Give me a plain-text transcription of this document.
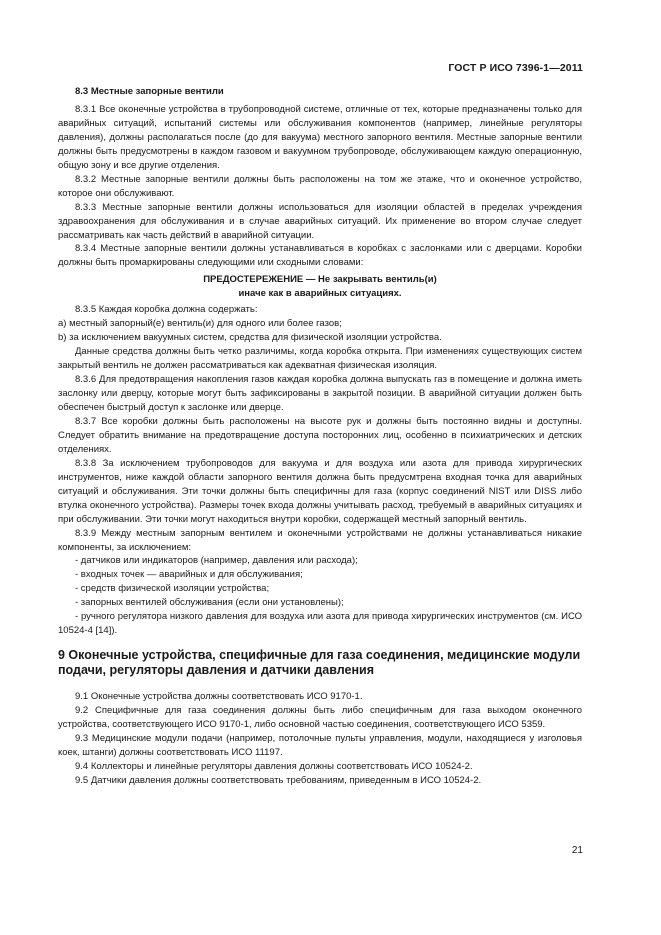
ГОСТ Р ИСО 7396-1—2011
8.3 Местные запорные вентили

8.3.1 Все оконечные устройства в трубопроводной системе, отличные от тех, которые предназначены только для аварийных ситуаций, испытаний системы или обслуживания компонентов (например, линейные регуляторы давления), должны располагаться после (до для вакуума) местного запорного вентиля. Местные запорные вентили должны быть предусмотрены в каждом газовом и вакуумном трубопроводе, обслуживающем каждую операционную, общую зону и все другие отделения.

8.3.2 Местные запорные вентили должны быть расположены на том же этаже, что и оконечное устройство, которое они обслуживают.

8.3.3 Местные запорные вентили должны использоваться для изоляции областей в пределах учреждения здравоохранения для обслуживания и в случае аварийных ситуаций. Их применение во втором случае следует рассматривать как часть действий в аварийной ситуации.

8.3.4 Местные запорные вентили должны устанавливаться в коробках с заслонками или с дверцами. Коробки должны быть промаркированы следующими или сходными словами:

ПРЕДОСТЕРЕЖЕНИЕ — Не закрывать вентиль(и)
иначе как в аварийных ситуациях.

8.3.5 Каждая коробка должна содержать:

а) местный запорный(е) вентиль(и) для одного или более газов;

b) за исключением вакуумных систем, средства для физической изоляции устройства.

Данные средства должны быть четко различимы, когда коробка открыта. При изменениях существующих систем закрытый вентиль не должен рассматриваться как адекватная физическая изоляция.

8.3.6 Для предотвращения накопления газов каждая коробка должна выпускать газ в помещение и должна иметь заслонку или дверцу, которые могут быть зафиксированы в закрытой позиции. В аварийной ситуации должен быть обеспечен быстрый доступ к заслонке или дверце.

8.3.7 Все коробки должны быть расположены на высоте рук и должны быть постоянно видны и доступны. Следует обратить внимание на предотвращение доступа посторонних лиц, особенно в психиатрических и детских отделениях.

8.3.8 За исключением трубопроводов для вакуума и для воздуха или азота для привода хирургических инструментов, ниже каждой области запорного вентиля должна быть предусмтрена входная точка для аварийных ситуаций и обслуживания. Эти точки должны быть специфичны для газа (корпус соединений NIST или DISS либо втулка оконечного устройства). Размеры точек входа должны учитывать расход, требуемый в аварийных ситуациях и при обслуживании. Эти точки могут находиться внутри коробки, содержащей местный запорный вентиль.

8.3.9 Между местным запорным вентилем и оконечными устройствами не должны устанавливаться никакие компоненты, за исключением:

- датчиков или индикаторов (например, давления или расхода);

- входных точек — аварийных и для обслуживания;

- средств физической изоляции устройства;

- запорных вентилей обслуживания (если они установлены);

- ручного регулятора низкого давления для воздуха или азота для привода хирургических инструментов (см. ИСО 10524-4 [14]).

9 Оконечные устройства, специфичные для газа соединения, медицинские модули подачи, регуляторы давления и датчики давления

9.1 Оконечные устройства должны соответствовать ИСО 9170-1.

9.2 Специфичные для газа соединения должны быть либо специфичным для газа выходом оконечного устройства, соответствующего ИСО 9170-1, либо основной частью соединения, соответствующего ИСО 5359.

9.3 Медицинские модули подачи (например, потолочные пульты управления, модули, находящиеся у изголовья коек, штанги) должны соответствовать ИСО 11197.

9.4 Коллекторы и линейные регуляторы давления должны соответствовать ИСО 10524-2.

9.5 Датчики давления должны соответствовать требованиям, приведенным в ИСО 10524-2.

21
